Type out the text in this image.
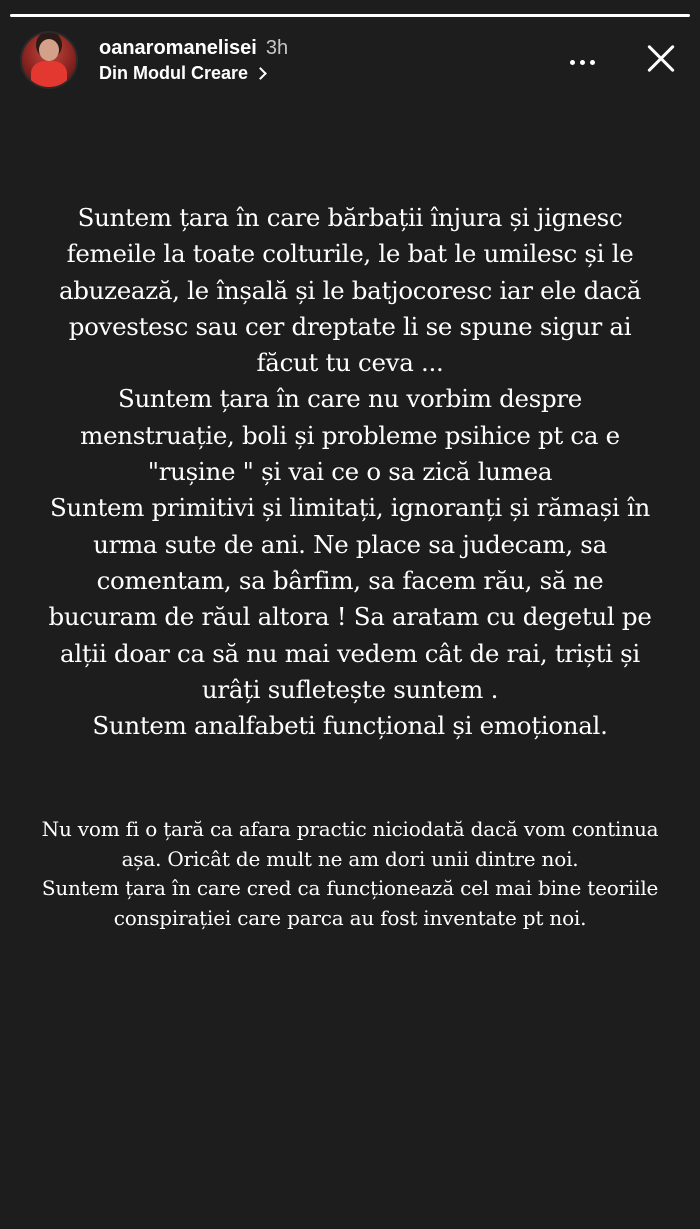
oanaromanelisei 3h
Din Modul Creare

Suntem țara în care bărbații înjura și jignesc femeile la toate colturile, le bat le umilesc și le abuzează, le înșală și le batjocoresc iar ele dacă povestesc sau cer dreptate li se spune sigur ai făcut tu ceva ...

Suntem țara în care nu vorbim despre menstruație, boli și probleme psihice pt ca e "rușine " și vai ce o sa zică lumea

Suntem primitivi și limitați, ignoranți și rămași în urma sute de ani. Ne place sa judecam, sa comentam, sa bârfim, sa facem rău, să ne bucuram de răul altora ! Sa aratam cu degetul pe alții doar ca să nu mai vedem cât de rai, triști și urâți sufletește suntem .

Suntem analfabeti funcțional și emoțional.

Nu vom fi o țară ca afara practic niciodată dacă vom continua așa. Oricât de mult ne am dori unii dintre noi.

Suntem țara în care cred ca funcționează cel mai bine teoriile conspirației care parca au fost inventate pt noi.
